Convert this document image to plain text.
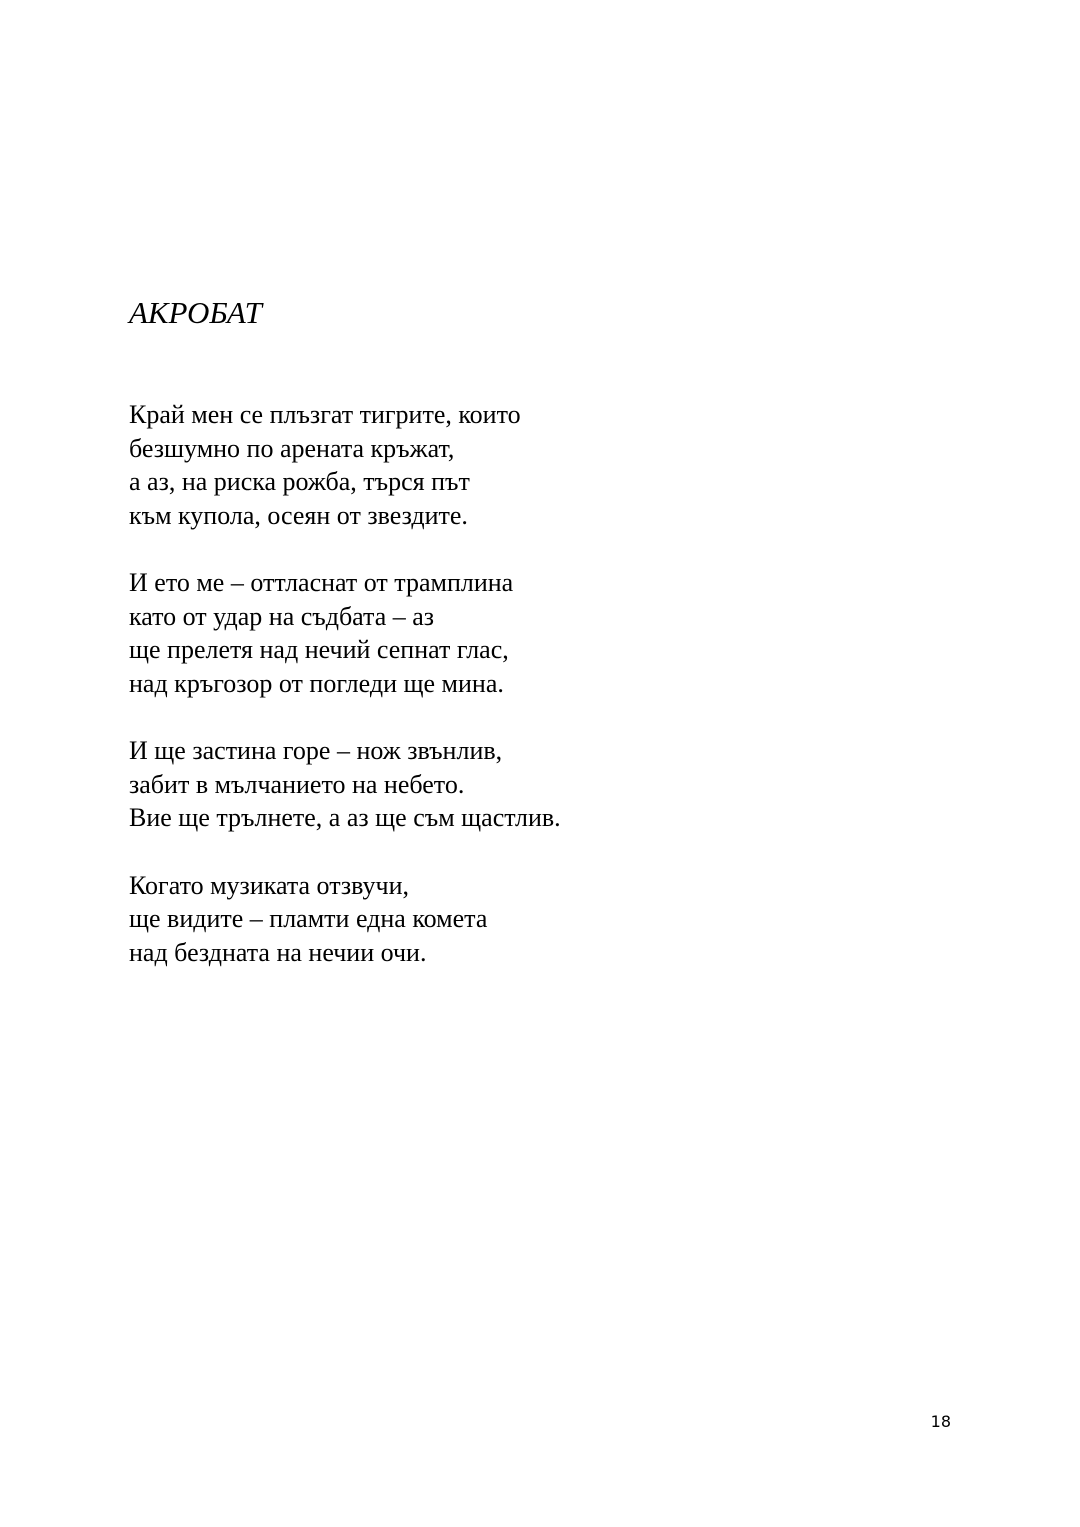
АКРОБАТ
Край мен се плъзгат тигрите, които
безшумно по арената кръжат,
а аз, на риска рожба, търся път
към купола, осеян от звездите.
И ето ме – оттласнат от трамплина
като от удар на съдбата – аз
ще прелетя над нечий сепнат глас,
над кръгозор от погледи ще мина.
И ще застина горе – нож звънлив,
забит в мълчанието на небето.
Вие ще трълнете, а аз ще съм щастлив.
Когато музиката отзвучи,
ще видите – пламти една комета
над бездната на нечии очи.
18
